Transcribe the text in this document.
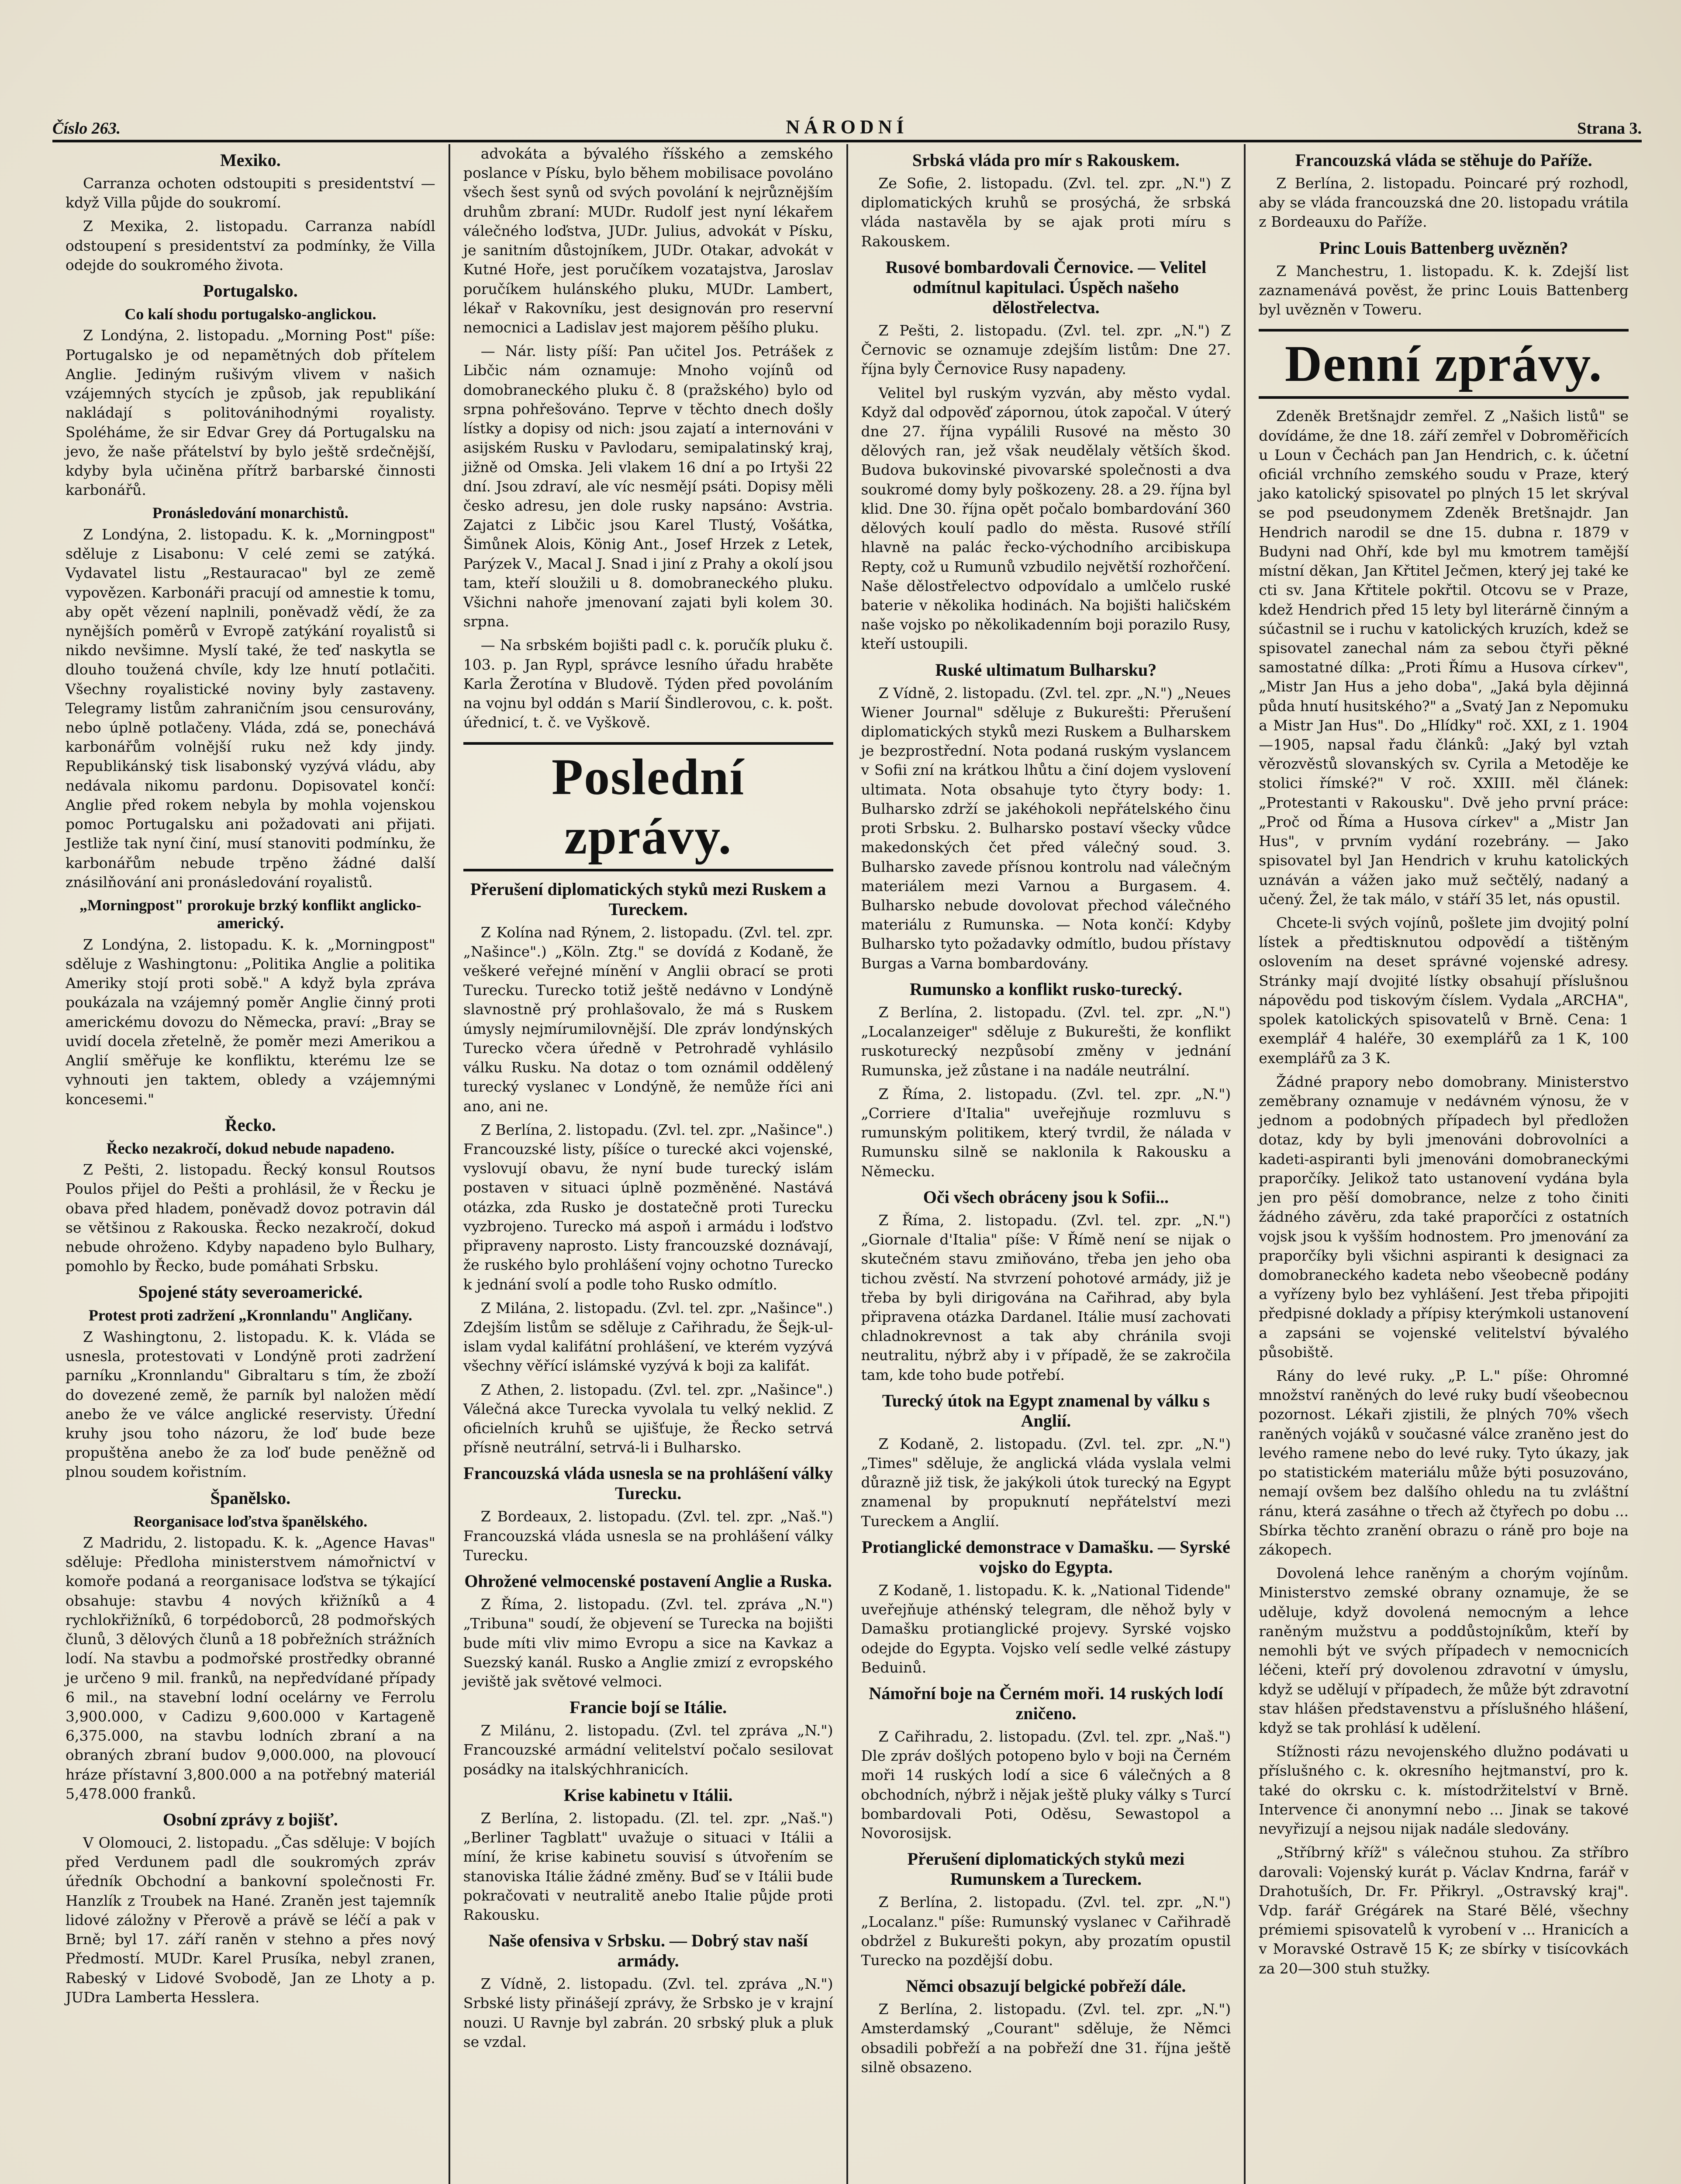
Číslo 263.	NÁRODNÍ	Strana 3.
Mexiko.

Carranza ochoten odstoupiti s presidentství — když Villa půjde do soukromí.

Z Mexika, 2. listopadu. Carranza nabídl odstoupení s presidentství za podmínky, že Villa odejde do soukromého života.

Portugalsko.
Co kalí shodu portugalsko-anglickou.

Z Londýna, 2. listopadu. „Morning Post" píše: Portugalsko je od nepamětných dob přítelem Anglie. Jediným rušivým vlivem v našich vzájemných stycích je způsob, jak republikání nakládají s politovánihodnými royalisty. Spoléháme, že sir Edvar Grey dá Portugalsku na jevo, že naše přátelství by bylo ještě srdečnější, kdyby byla učiněna přítrž barbarské činnosti karbonářů.

Pronásledování monarchistů.

Z Londýna, 2. listopadu. K. k. „Morningpost" sděluje z Lisabonu: V celé zemi se zatýká. Vydavatel listu „Restauracao" byl ze země vypovězen. Karbonáři pracují od amnestie k tomu, aby opět vězení naplnili, poněvadž vědí, že za nynějších poměrů v Evropě zatýkání royalistů si nikdo nevšimne. Myslí také, že teď naskytla se dlouho toužená chvíle, kdy lze hnutí potlačiti. Všechny royalistické noviny byly zastaveny. Telegramy listům zahraničním jsou censurovány, nebo úplně potlačeny. Vláda, zdá se, ponechává karbonářům volnější ruku než kdy jindy. Republikánský tisk lisabonský vyzývá vládu, aby nedávala nikomu pardonu. Dopisovatel končí: Anglie před rokem nebyla by mohla vojenskou pomoc Portugalsku ani požadovati ani přijati. Jestliže tak nyní činí, musí stanoviti podmínku, že karbonářům nebude trpěno žádné další znásilňování ani pronásledování royalistů.

„Morningpost" prorokuje brzký konflikt anglicko-americký.

Z Londýna, 2. listopadu. K. k. „Morningpost" sděluje z Washingtonu: „Politika Anglie a politika Ameriky stojí proti sobě." A když byla zpráva poukázala na vzájemný poměr Anglie činný proti americkému dovozu do Německa, praví: „Bray se uvidí docela zřetelně, že poměr mezi Amerikou a Anglií směřuje ke konfliktu, kterému lze se vyhnouti jen taktem, obledy a vzájemnými koncesemi."

Řecko.
Řecko nezakročí, dokud nebude napadeno.

Z Pešti, 2. listopadu. Řecký konsul Routsos Poulos přijel do Pešti a prohlásil, že v Řecku je obava před hladem, poněvadž dovoz potravin dál se většinou z Rakouska. Řecko nezakročí, dokud nebude ohroženo. Kdyby napadeno bylo Bulhary, pomohlo by Řecko, bude pomáhati Srbsku.

Spojené státy severoamerické.
Protest proti zadržení „Kronnlandu" Angličany.

Z Washingtonu, 2. listopadu. K. k. Vláda se usnesla, protestovati v Londýně proti zadržení parníku „Kronnlandu" Gibraltaru s tím, že zboží do dovezené země, že parník byl naložen mědí anebo že ve válce anglické reservisty. Úřední kruhy jsou toho názoru, že loď bude beze propuštěna anebo že za loď bude peněžně od plnou soudem kořistním.

Španělsko.
Reorganisace loďstva španělského.

Z Madridu, 2. listopadu. K. k. „Agence Havas" sděluje: Předloha ministerstvem námořnictví v komoře podaná a reorganisace loďstva se týkající obsahuje: stavbu 4 nových křižníků a 4 rychlokřižníků, 6 torpédoborců, 28 podmořských člunů, 3 dělových člunů a 18 pobřežních strážních lodí. Na stavbu a podmořské prostředky obranné je určeno 9 mil. franků, na nepředvídané případy 6 mil., na stavební lodní ocelárny ve Ferrolu 3,900.000, v Cadizu 9,600.000 v Kartageně 6,375.000, na stavbu lodních zbraní a na obraných zbraní budov 9,000.000, na plovoucí hráze přístavní 3,800.000 a na potřebný materiál 5,478.000 franků.

Osobní zprávy z bojišť.

V Olomouci, 2. listopadu. „Čas sděluje: V bojích před Verdunem padl dle soukromých zpráv úředník Obchodní a bankovní společnosti Fr. Hanzlík z Troubek na Hané. Zraněn jest tajemník lidové záložny v Přerově a právě se léčí a pak v Brně; byl 17. září raněn v stehno a přes nový Předmostí. MUDr. Karel Prusíka, nebyl zranen, Rabeský v Lidové Svobodě, Jan ze Lhoty a p. JUDra Lamberta Hesslera.

advokáta a bývalého říšského a zemského poslance v Písku, bylo během mobilisace povoláno všech šest synů od svých povolání k nejrůznějším druhům zbraní: MUDr. Rudolf jest nyní lékařem válečného loďstva, JUDr. Julius, advokát v Písku, je sanitním důstojníkem, JUDr. Otakar, advokát v Kutné Hoře, jest poručíkem vozatajstva, Jaroslav poručíkem hulánského pluku, MUDr. Lambert, lékař v Rakovníku, jest designován pro reservní nemocnici a Ladislav jest majorem pěšího pluku.

— Nár. listy píší: Pan učitel Jos. Petrášek z Libčic nám oznamuje: Mnoho vojínů od domobraneckého pluku č. 8 (pražského) bylo od srpna pohřešováno. Teprve v těchto dnech došly lístky a dopisy od nich: jsou zajatí a internováni v asijském Rusku v Pavlodaru, semipalatinský kraj, jižně od Omska. Jeli vlakem 16 dní a po Irtyši 22 dní. Jsou zdraví, ale víc nesmějí psáti. Dopisy měli česko adresu, jen dole rusky napsáno: Avstria. Zajatci z Libčic jsou Karel Tlustý, Vošátka, Šimůnek Alois, König Ant., Josef Hrzek z Letek, Parýzek V., Macal J. Snad i jiní z Prahy a okolí jsou tam, kteří sloužili u 8. domobraneckého pluku. Všichni nahoře jmenovaní zajati byli kolem 30. srpna.

— Na srbském bojišti padl c. k. poručík pluku č. 103. p. Jan Rypl, správce lesního úřadu hraběte Karla Žerotína v Bludově. Týden před povoláním na vojnu byl oddán s Marií Šindlerovou, c. k. pošt. úřednicí, t. č. ve Vyškově.

Poslední zprávy.
Přerušení diplomatických styků mezi Ruskem a Tureckem.

Z Kolína nad Rýnem, 2. listopadu. (Zvl. tel. zpr. „Našince".) „Köln. Ztg." se dovídá z Kodaně, že veškeré veřejné mínění v Anglii obrací se proti Turecku. Turecko totiž ještě nedávno v Londýně slavnostně prý prohlašovalo, že má s Ruskem úmysly nejmírumilovnější. Dle zpráv londýnských Turecko včera úředně v Petrohradě vyhlásilo válku Rusku. Na dotaz o tom oznámil oddělený turecký vyslanec v Londýně, že nemůže říci ani ano, ani ne.

Z Berlína, 2. listopadu. (Zvl. tel. zpr. „Našince".) Francouzské listy, píšíce o turecké akci vojenské, vyslovují obavu, že nyní bude turecký islám postaven v situaci úplně pozměněné. Nastává otázka, zda Rusko je dostatečně proti Turecku vyzbrojeno. Turecko má aspoň i armádu i loďstvo připraveny naprosto. Listy francouzské doznávají, že ruského bylo prohlášení vojny ochotno Turecko k jednání svolí a podle toho Rusko odmítlo.

Z Milána, 2. listopadu. (Zvl. tel. zpr. „Našince".) Zdejším listům se sděluje z Cařihradu, že Šejk-ul-islam vydal kalifátní prohlášení, ve kterém vyzývá všechny věřící islámské vyzývá k boji za kalifát.

Z Athen, 2. listopadu. (Zvl. tel. zpr. „Našince".) Válečná akce Turecka vyvolala tu velký neklid. Z oficielních kruhů se ujišťuje, že Řecko setrvá přísně neutrální, setrvá-li i Bulharsko.

Francouzská vláda usnesla se na prohlášení války Turecku.

Z Bordeaux, 2. listopadu. (Zvl. tel. zpr. „Naš.") Francouzská vláda usnesla se na prohlášení války Turecku.

Ohrožené velmocenské postavení Anglie a Ruska.

Z Říma, 2. listopadu. (Zvl. tel. zpráva „N.") „Tribuna" soudí, že objevení se Turecka na bojišti bude míti vliv mimo Evropu a sice na Kavkaz a Suezský kanál. Rusko a Anglie zmizí z evropského jeviště jak světové velmoci.

Francie bojí se Itálie.

Z Milánu, 2. listopadu. (Zvl. tel zpráva „N.") Francouzské armádní velitelství počalo sesilovat posádky na italskýchhranicích.

Krise kabinetu v Itálii.

Z Berlína, 2. listopadu. (Zl. tel. zpr. „Naš.") „Berliner Tagblatt" uvažuje o situaci v Itálii a míní, že krise kabinetu souvisí s útvořením se stanoviska Itálie žádné změny. Buď se v Itálii bude pokračovati v neutralitě anebo Italie půjde proti Rakousku.

Naše ofensiva v Srbsku. — Dobrý stav naší armády.

Z Vídně, 2. listopadu. (Zvl. tel. zpráva „N.") Srbské listy přinášejí zprávy, že Srbsko je v krajní nouzi. U Ravnje byl zabrán. 20 srbský pluk a pluk se vzdal.

Srbská vláda pro mír s Rakouskem.

Ze Sofie, 2. listopadu. (Zvl. tel. zpr. „N.") Z diplomatických kruhů se prosýchá, že srbská vláda nastavěla by se ajak proti míru s Rakouskem.

Rusové bombardovali Černovice. — Velitel odmítnul kapitulaci. Úspěch našeho dělostřelectva.

Z Pešti, 2. listopadu. (Zvl. tel. zpr. „N.") Z Černovic se oznamuje zdejším listům: Dne 27. října byly Černovice Rusy napadeny.

Velitel byl ruským vyzván, aby město vydal. Když dal odpověď zápornou, útok započal. V úterý dne 27. října vypálili Rusové na město 30 dělových ran, jež však neudělaly větších škod. Budova bukovinské pivovarské společnosti a dva soukromé domy byly poškozeny. 28. a 29. října byl klid. Dne 30. října opět počalo bombardování 360 dělových koulí padlo do města. Rusové střílí hlavně na palác řecko-východního arcibiskupa Repty, což u Rumunů vzbudilo největší rozhořčení. Naše dělostřelectvo odpovídalo a umlčelo ruské baterie v několika hodinách. Na bojišti haličském naše vojsko po několikadenním boji porazilo Rusy, kteří ustoupili.

Ruské ultimatum Bulharsku?

Z Vídně, 2. listopadu. (Zvl. tel. zpr. „N.") „Neues Wiener Journal" sděluje z Bukurešti: Přerušení diplomatických styků mezi Ruskem a Bulharskem je bezprostřední. Nota podaná ruským vyslancem v Sofii zní na krátkou lhůtu a činí dojem vyslovení ultimata. Nota obsahuje tyto čtyry body: 1. Bulharsko zdrží se jakéhokoli nepřátelského činu proti Srbsku. 2. Bulharsko postaví všecky vůdce makedonských čet před válečný soud. 3. Bulharsko zavede přísnou kontrolu nad válečným materiálem mezi Varnou a Burgasem. 4. Bulharsko nebude dovolovat přechod válečného materiálu z Rumunska. — Nota končí: Kdyby Bulharsko tyto požadavky odmítlo, budou přístavy Burgas a Varna bombardovány.

Rumunsko a konflikt rusko-turecký.

Z Berlína, 2. listopadu. (Zvl. tel. zpr. „N.") „Localanzeiger" sděluje z Bukurešti, že konflikt ruskoturecký nezpůsobí změny v jednání Rumunska, jež zůstane i na nadále neutrální.

Z Říma, 2. listopadu. (Zvl. tel. zpr. „N.") „Corriere d'Italia" uveřejňuje rozmluvu s rumunským politikem, který tvrdil, že nálada v Rumunsku silně se naklonila k Rakousku a Německu.

Oči všech obráceny jsou k Sofii...

Z Říma, 2. listopadu. (Zvl. tel. zpr. „N.") „Giornale d'Italia" píše: V Římě není se nijak o skutečném stavu zmiňováno, třeba jen jeho oba tichou zvěstí. Na stvrzení pohotové armády, již je třeba by byli dirigována na Cařihrad, aby byla připravena otázka Dardanel. Itálie musí zachovati chladnokrevnost a tak aby chránila svoji neutralitu, nýbrž aby i v případě, že se zakročila tam, kde toho bude potřebí.

Turecký útok na Egypt znamenal by válku s Anglií.

Z Kodaně, 2. listopadu. (Zvl. tel. zpr. „N.") „Times" sděluje, že anglická vláda vyslala velmi důrazně již tisk, že jakýkoli útok turecký na Egypt znamenal by propuknutí nepřátelství mezi Tureckem a Anglií.

Protianglické demonstrace v Damašku. — Syrské vojsko do Egypta.

Z Kodaně, 1. listopadu. K. k. „National Tidende" uveřejňuje athénský telegram, dle něhož byly v Damašku protianglické projevy. Syrské vojsko odejde do Egypta. Vojsko velí sedle velké zástupy Beduinů.

Námořní boje na Černém moři. 14 ruských lodí zničeno.

Z Cařihradu, 2. listopadu. (Zvl. tel. zpr. „Naš.") Dle zpráv došlých potopeno bylo v boji na Černém moři 14 ruských lodí a sice 6 válečných a 8 obchodních, nýbrž i nějak ještě pluky války s Turcí bombardovali Poti, Oděsu, Sewastopol a Novorosijsk.

Přerušení diplomatických styků mezi Rumunskem a Tureckem.

Z Berlína, 2. listopadu. (Zvl. tel. zpr. „N.") „Localanz." píše: Rumunský vyslanec v Cařihradě obdržel z Bukurešti pokyn, aby prozatím opustil Turecko na pozdější dobu.

Němci obsazují belgické pobřeží dále.

Z Berlína, 2. listopadu. (Zvl. tel. zpr. „N.") Amsterdamský „Courant" sděluje, že Němci obsadili pobřeží a na pobřeží dne 31. října ještě silně obsazeno.

Francouzská vláda se stěhuje do Paříže.

Z Berlína, 2. listopadu. Poincaré prý rozhodl, aby se vláda francouzská dne 20. listopadu vrátila z Bordeauxu do Paříže.

Princ Louis Battenberg uvězněn?

Z Manchestru, 1. listopadu. K. k. Zdejší list zaznamenává pověst, že princ Louis Battenberg byl uvězněn v Toweru.

Denní zprávy.

Zdeněk Bretšnajdr zemřel. Z „Našich listů" se dovídáme, že dne 18. září zemřel v Dobroměřicích u Loun v Čechách pan Jan Hendrich, c. k. účetní oficiál vrchního zemského soudu v Praze, který jako katolický spisovatel po plných 15 let skrýval se pod pseudonymem Zdeněk Bretšnajdr. Jan Hendrich narodil se dne 15. dubna r. 1879 v Budyni nad Ohří, kde byl mu kmotrem tamější místní děkan, Jan Křtitel Ječmen, který jej také ke cti sv. Jana Křtitele pokřtil. Otcovu se v Praze, kdež Hendrich před 15 lety byl literárně činným a súčastnil se i ruchu v katolických kruzích, kdež se spisovatel zanechal nám za sebou čtyři pěkné samostatné dílka: „Proti Římu a Husova církev", „Mistr Jan Hus a jeho doba", „Jaká byla dějinná půda hnutí husitského?" a „Svatý Jan z Nepomuku a Mistr Jan Hus". Do „Hlídky" roč. XXI, z 1. 1904—1905, napsal řadu článků: „Jaký byl vztah věrozvěstů slovanských sv. Cyrila a Metoděje ke stolici římské?" V roč. XXIII. měl článek: „Protestanti v Rakousku". Dvě jeho první práce: „Proč od Říma a Husova církev" a „Mistr Jan Hus", v prvním vydání rozebrány. — Jako spisovatel byl Jan Hendrich v kruhu katolických uznáván a vážen jako muž sečtělý, nadaný a učený. Žel, že tak málo, v stáří 35 let, nás opustil.

Chcete-li svých vojínů, pošlete jim dvojitý polní lístek a předtisknutou odpovědí a tištěným oslovením na deset správné vojenské adresy. Stránky mají dvojité lístky obsahují příslušnou nápovědu pod tiskovým číslem. Vydala „ARCHA", spolek katolických spisovatelů v Brně. Cena: 1 exemplář 4 haléře, 30 exemplářů za 1 K, 100 exemplářů za 3 K.

Žádné prapory nebo domobrany. Ministerstvo zeměbrany oznamuje v nedávném výnosu, že v jednom a podobných případech byl předložen dotaz, kdy by byli jmenováni dobrovolníci a kadeti-aspiranti byli jmenováni domobraneckými praporčíky. Jelikož tato ustanovení vydána byla jen pro pěší domobrance, nelze z toho činiti žádného závěru, zda také praporčíci z ostatních vojsk jsou k vyšším hodnostem. Pro jmenování za praporčíky byli všichni aspiranti k designaci za domobraneckého kadeta nebo všeobecně podány a vyřízeny bylo bez vyhlášení. Jest třeba připojiti předpisné doklady a přípisy kterýmkoli ustanovení a zapsáni se vojenské velitelství bývalého působiště.

Rány do levé ruky. „P. L." píše: Ohromné množství raněných do levé ruky budí všeobecnou pozornost. Lékaři zjistili, že plných 70% všech raněných vojáků v současné válce zraněno jest do levého ramene nebo do levé ruky. Tyto úkazy, jak po statistickém materiálu může býti posuzováno, nemají ovšem bez dalšího ohledu na tu zvláštní ránu, která zasáhne o třech až čtyřech po dobu ... Sbírka těchto zranění obrazu o ráně pro boje na zákopech.

Dovolená lehce raněným a chorým vojínům. Ministerstvo zemské obrany oznamuje, že se uděluje, když dovolená nemocným a lehce raněným mužstvu a poddůstojníkům, kteří by nemohli být ve svých případech v nemocnicích léčeni, kteří prý dovolenou zdravotní v úmyslu, když se udělují v případech, že může být zdravotní stav hlášen představenstvu a příslušného hlášení, když se tak prohlásí k udělení.

Stížnosti rázu nevojenského dlužno podávati u příslušného c. k. okresního hejtmanství, pro k. také do okrsku c. k. místodržitelství v Brně. Intervence či anonymní nebo ... Jinak se takové nevyřizují a nejsou nijak nadále sledovány.

„Stříbrný kříž" s válečnou stuhou. Za stříbro darovali: Vojenský kurát p. Václav Kndrna, farář v Drahotuších, Dr. Fr. Přikryl. „Ostravský kraj". Vdp. farář Grégárek na Staré Bělé, všechny prémiemi spisovatelů k vyrobení v ... Hranicích a v Moravské Ostravě 15 K; ze sbírky v tisícovkách za 20—300 stuh stužky.
